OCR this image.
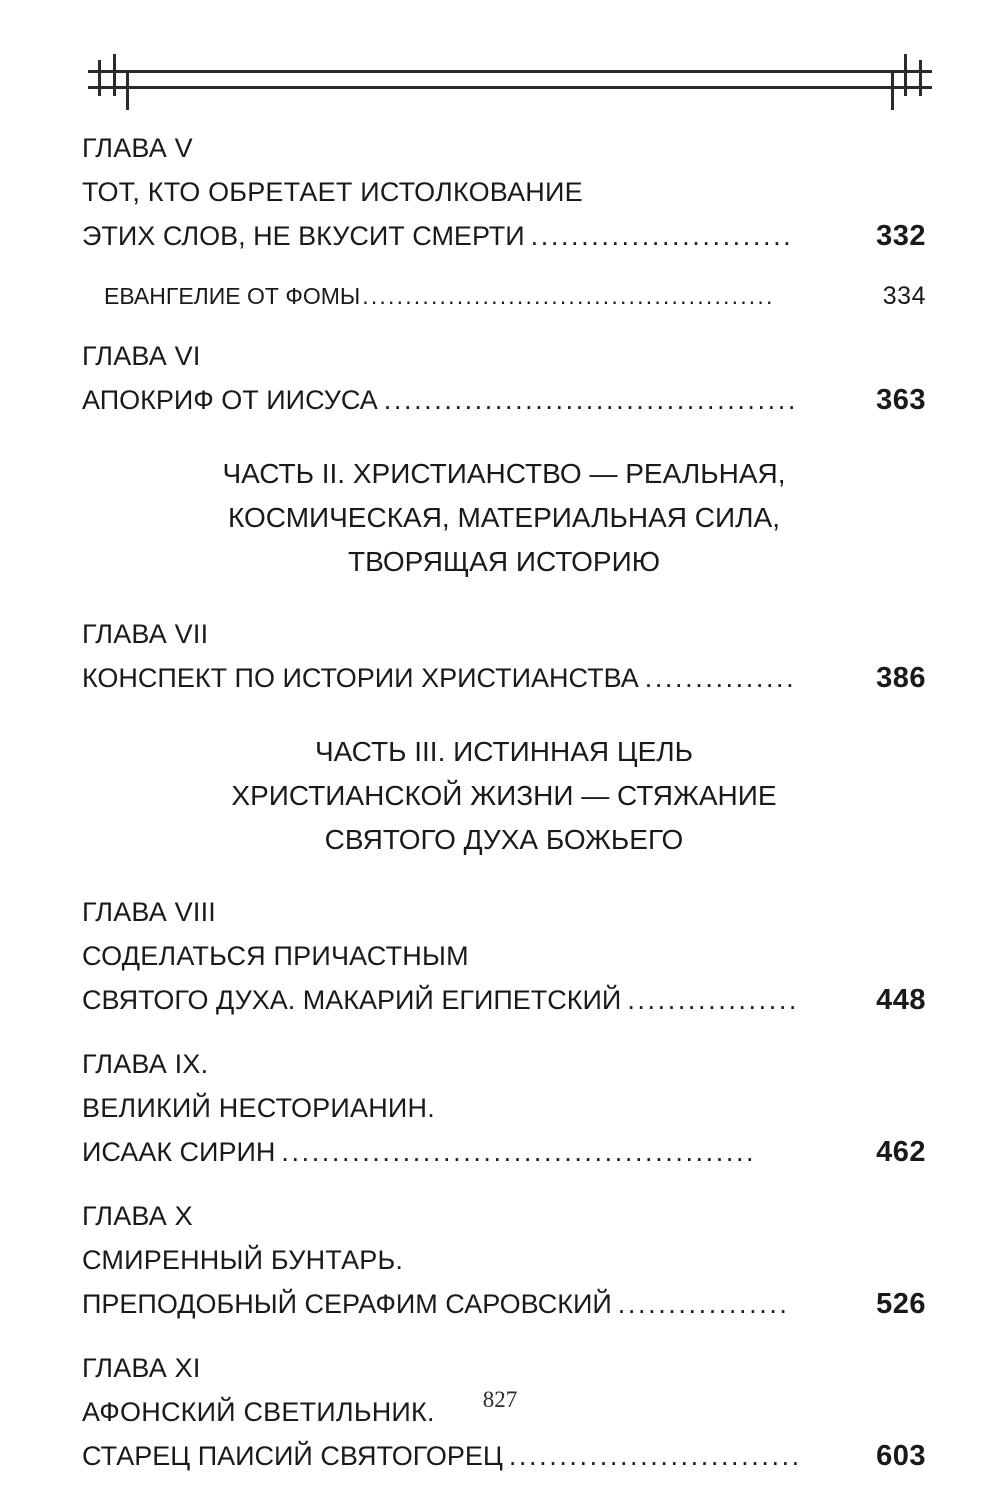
ГЛАВА V
ТОТ, КТО ОБРЕТАЕТ ИСТОЛКОВАНИЕ
ЭТИХ СЛОВ, НЕ ВКУСИТ СМЕРТИ ..........................	332
ЕВАНГЕЛИЕ ОТ ФОМЫ ................................................	334
ГЛАВА VI
АПОКРИФ ОТ ИИСУСА .........................................	363
ЧАСТЬ II. ХРИСТИАНСТВО — РЕАЛЬНАЯ,
КОСМИЧЕСКАЯ, МАТЕРИАЛЬНАЯ СИЛА,
ТВОРЯЩАЯ ИСТОРИЮ
ГЛАВА VII
КОНСПЕКТ ПО ИСТОРИИ ХРИСТИАНСТВА ...............	386
ЧАСТЬ III. ИСТИННАЯ ЦЕЛЬ
ХРИСТИАНСКОЙ ЖИЗНИ — СТЯЖАНИЕ
СВЯТОГО ДУХА БОЖЬЕГО
ГЛАВА VIII
СОДЕЛАТЬСЯ ПРИЧАСТНЫМ
СВЯТОГО ДУХА. МАКАРИЙ ЕГИПЕТСКИЙ .................	448
ГЛАВА IX.
ВЕЛИКИЙ НЕСТОРИАНИН.
ИСААК СИРИН ...............................................	462
ГЛАВА X
СМИРЕННЫЙ БУНТАРЬ.
ПРЕПОДОБНЫЙ СЕРАФИМ САРОВСКИЙ .................	526
ГЛАВА XI
АФОНСКИЙ СВЕТИЛЬНИК.
СТАРЕЦ ПАИСИЙ СВЯТОГОРЕЦ .............................	603
827
